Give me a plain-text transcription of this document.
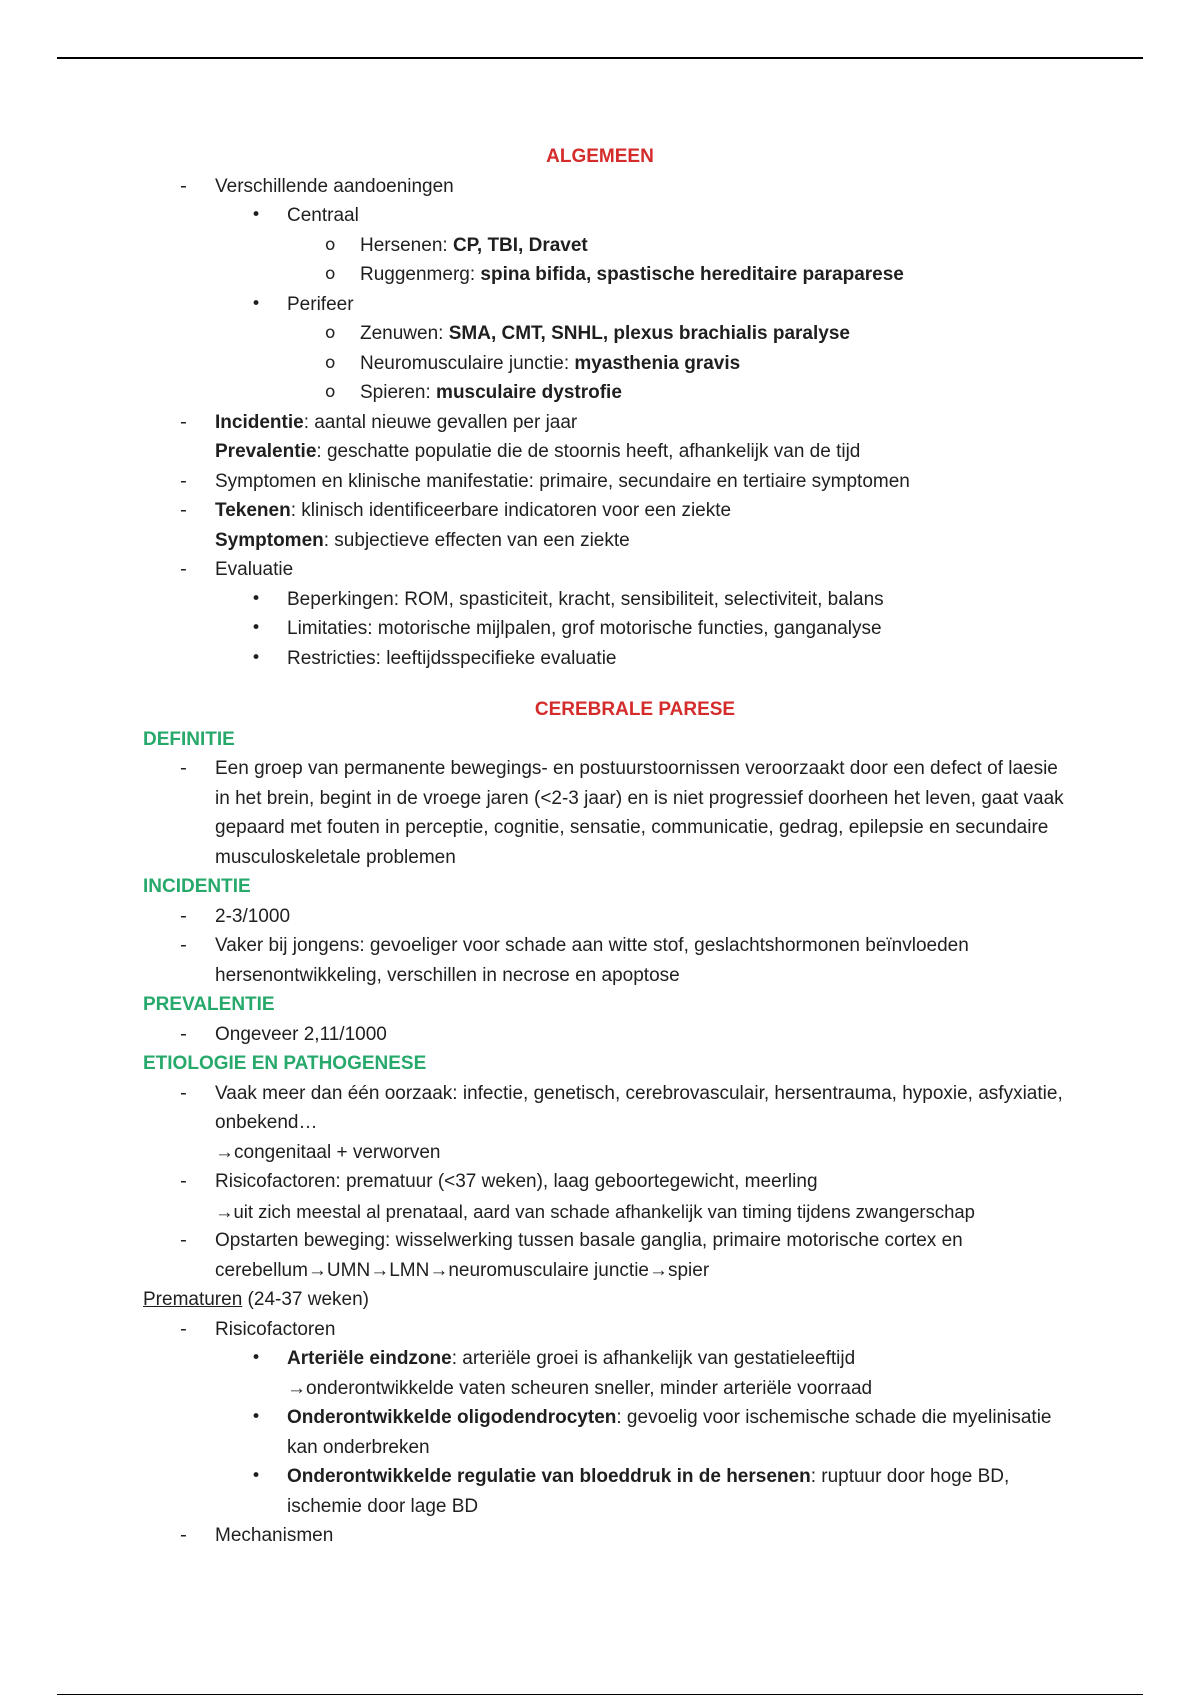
ALGEMEEN
- Verschillende aandoeningen
• Centraal
o Hersenen: CP, TBI, Dravet
o Ruggenmerg: spina bifida, spastische hereditaire paraparese
• Perifeer
o Zenuwen: SMA, CMT, SNHL, plexus brachialis paralyse
o Neuromusculaire junctie: myasthenia gravis
o Spieren: musculaire dystrofie
- Incidentie: aantal nieuwe gevallen per jaar
Prevalentie: geschatte populatie die de stoornis heeft, afhankelijk van de tijd
- Symptomen en klinische manifestatie: primaire, secundaire en tertiaire symptomen
- Tekenen: klinisch identificeerbare indicatoren voor een ziekte
Symptomen: subjectieve effecten van een ziekte
- Evaluatie
• Beperkingen: ROM, spasticiteit, kracht, sensibiliteit, selectiviteit, balans
• Limitaties: motorische mijlpalen, grof motorische functies, ganganalyse
• Restricties: leeftijdsspecifieke evaluatie
CEREBRALE PARESE
DEFINITIE
- Een groep van permanente bewegings- en postuurstoornissen veroorzaakt door een defect of laesie in het brein, begint in de vroege jaren (<2-3 jaar) en is niet progressief doorheen het leven, gaat vaak gepaard met fouten in perceptie, cognitie, sensatie, communicatie, gedrag, epilepsie en secundaire musculoskeletale problemen
INCIDENTIE
- 2-3/1000
- Vaker bij jongens: gevoeliger voor schade aan witte stof, geslachtshormonen beïnvloeden hersenontwikkeling, verschillen in necrose en apoptose
PREVALENTIE
- Ongeveer 2,11/1000
ETIOLOGIE EN PATHOGENESE
- Vaak meer dan één oorzaak: infectie, genetisch, cerebrovasculair, hersentrauma, hypoxie, asfyxiatie, onbekend…
→congenitaal + verworven
- Risicofactoren: prematuur (<37 weken), laag geboortegewicht, meerling
→uit zich meestal al prenataal, aard van schade afhankelijk van timing tijdens zwangerschap
- Opstarten beweging: wisselwerking tussen basale ganglia, primaire motorische cortex en cerebellum→UMN→LMN→neuromusculaire junctie→spier
Prematuren (24-37 weken)
- Risicofactoren
• Arteriële eindzone: arteriële groei is afhankelijk van gestatieleeftijd
→onderontwikkelde vaten scheuren sneller, minder arteriële voorraad
• Onderontwikkelde oligodendrocyten: gevoelig voor ischemische schade die myelinisatie kan onderbreken
• Onderontwikkelde regulatie van bloeddruk in de hersenen: ruptuur door hoge BD, ischemie door lage BD
- Mechanismen
